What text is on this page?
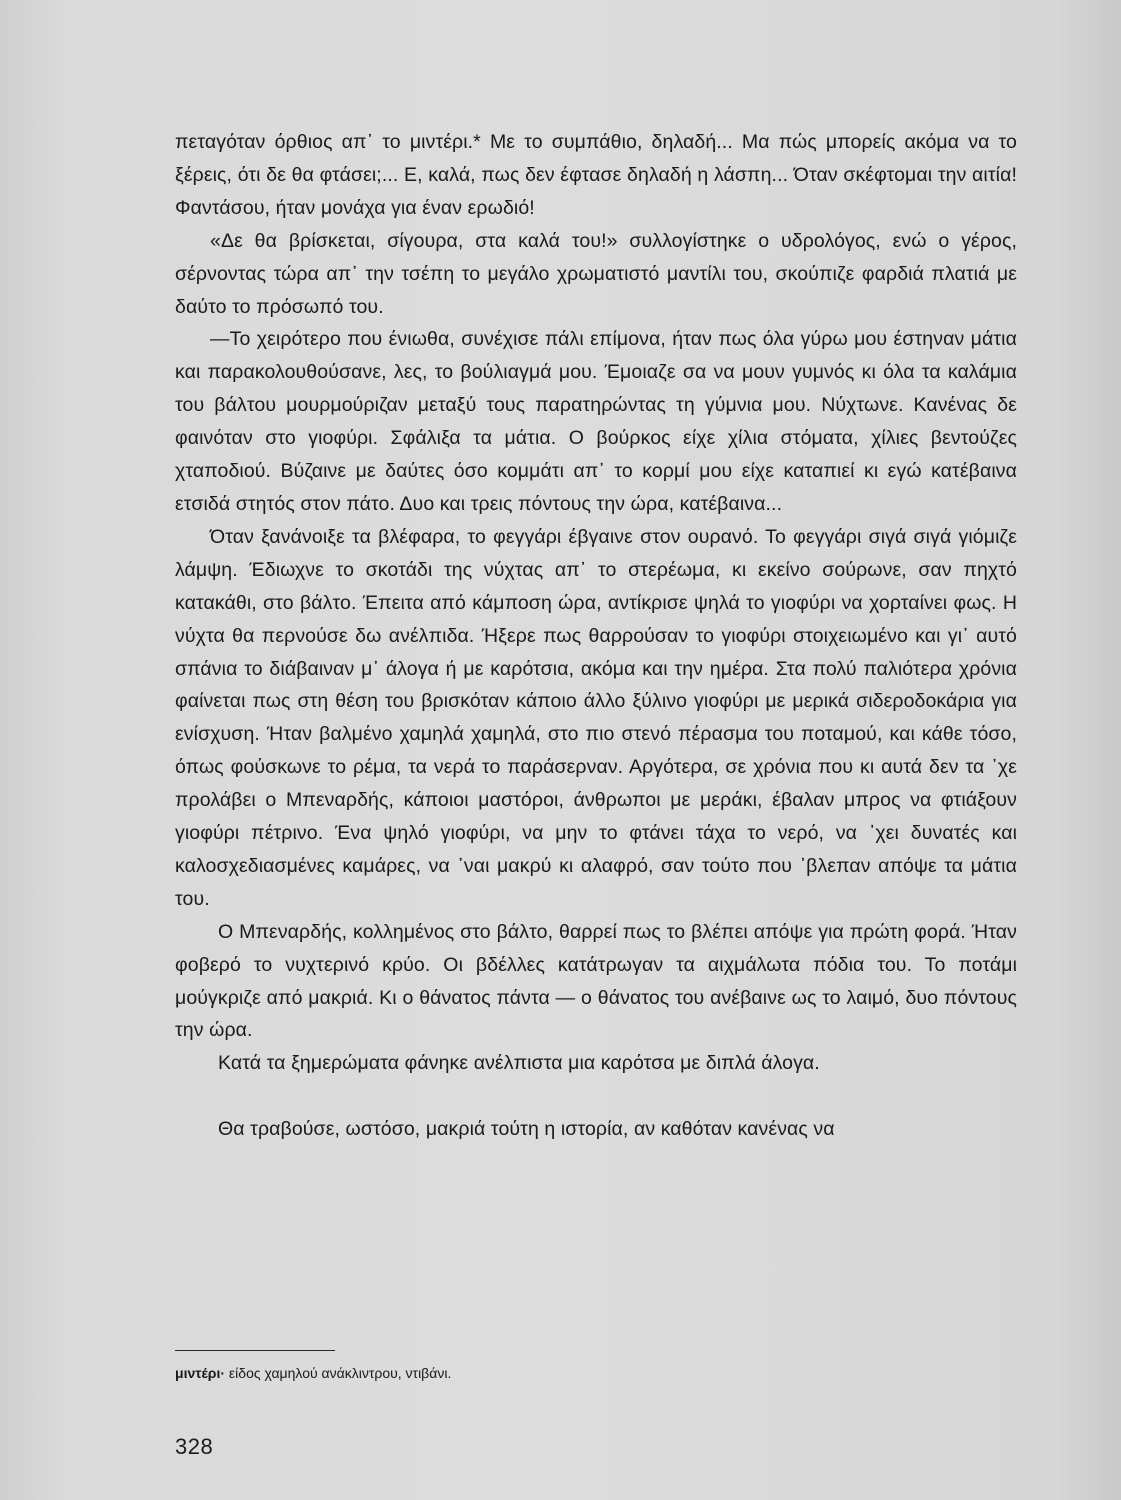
πεταγόταν όρθιος απ᾽ το μιντέρι.* Με το συμπάθιο, δηλαδή... Μα πώς μπορείς ακόμα να το ξέρεις, ότι δε θα φτάσει;... Ε, καλά, πως δεν έφτασε δηλαδή η λάσπη... Όταν σκέφτομαι την αιτία! Φαντάσου, ήταν μονάχα για έναν ερωδιό!

«Δε θα βρίσκεται, σίγουρα, στα καλά του!» συλλογίστηκε ο υδρολόγος, ενώ ο γέρος, σέρνοντας τώρα απ᾽ την τσέπη το μεγάλο χρωματιστό μαντίλι του, σκούπιζε φαρδιά πλατιά με δαύτο το πρόσωπό του.

—Το χειρότερο που ένιωθα, συνέχισε πάλι επίμονα, ήταν πως όλα γύρω μου έστηναν μάτια και παρακολουθούσανε, λες, το βούλιαγμά μου. Έμοιαζε σα να μουν γυμνός κι όλα τα καλάμια του βάλτου μουρμούριζαν μεταξύ τους παρατηρώντας τη γύμνια μου. Νύχτωνε. Κανένας δε φαινόταν στο γιοφύρι. Σφάλιξα τα μάτια. Ο βούρκος είχε χίλια στόματα, χίλιες βεντούζες χταποδιού. Βύζαινε με δαύτες όσο κομμάτι απ᾽ το κορμί μου είχε καταπιεί κι εγώ κατέβαινα ετσιδά στητός στον πάτο. Δυο και τρεις πόντους την ώρα, κατέβαινα...

Όταν ξανάνοιξε τα βλέφαρα, το φεγγάρι έβγαινε στον ουρανό. Το φεγγάρι σιγά σιγά γιόμιζε λάμψη. Έδιωχνε το σκοτάδι της νύχτας απ᾽ το στερέωμα, κι εκείνο σούρωνε, σαν πηχτό κατακάθι, στο βάλτο. Έπειτα από κάμποση ώρα, αντίκρισε ψηλά το γιοφύρι να χορταίνει φως. Η νύχτα θα περνούσε δω ανέλπιδα. Ήξερε πως θαρρούσαν το γιοφύρι στοιχειωμένο και γι᾽ αυτό σπάνια το διάβαιναν μ᾽ άλογα ή με καρότσια, ακόμα και την ημέρα. Στα πολύ παλιότερα χρόνια φαίνεται πως στη θέση του βρισκόταν κάποιο άλλο ξύλινο γιοφύρι με μερικά σιδεροδοκάρια για ενίσχυση. Ήταν βαλμένο χαμηλά χαμηλά, στο πιο στενό πέρασμα του ποταμού, και κάθε τόσο, όπως φούσκωνε το ρέμα, τα νερά το παράσερναν. Αργότερα, σε χρόνια που κι αυτά δεν τα ᾽χε προλάβει ο Μπεναρδής, κάποιοι μαστόροι, άνθρωποι με μεράκι, έβαλαν μπρος να φτιάξουν γιοφύρι πέτρινο. Ένα ψηλό γιοφύρι, να μην το φτάνει τάχα το νερό, να ᾽χει δυνατές και καλοσχεδιασμένες καμάρες, να ᾽ναι μακρύ κι αλαφρό, σαν τούτο που ᾽βλεπαν απόψε τα μάτια του.

Ο Μπεναρδής, κολλημένος στο βάλτο, θαρρεί πως το βλέπει απόψε για πρώτη φορά. Ήταν φοβερό το νυχτερινό κρύο. Οι βδέλλες κατάτρωγαν τα αιχμάλωτα πόδια του. Το ποτάμι μούγκριζε από μακριά. Κι ο θάνατος πάντα — ο θάνατος του ανέβαινε ως το λαιμό, δυο πόντους την ώρα.

Κατά τα ξημερώματα φάνηκε ανέλπιστα μια καρότσα με διπλά άλογα.

Θα τραβούσε, ωστόσο, μακριά τούτη η ιστορία, αν καθόταν κανένας να

μιντέρι· είδος χαμηλού ανάκλιντρου, ντιβάνι.
328
